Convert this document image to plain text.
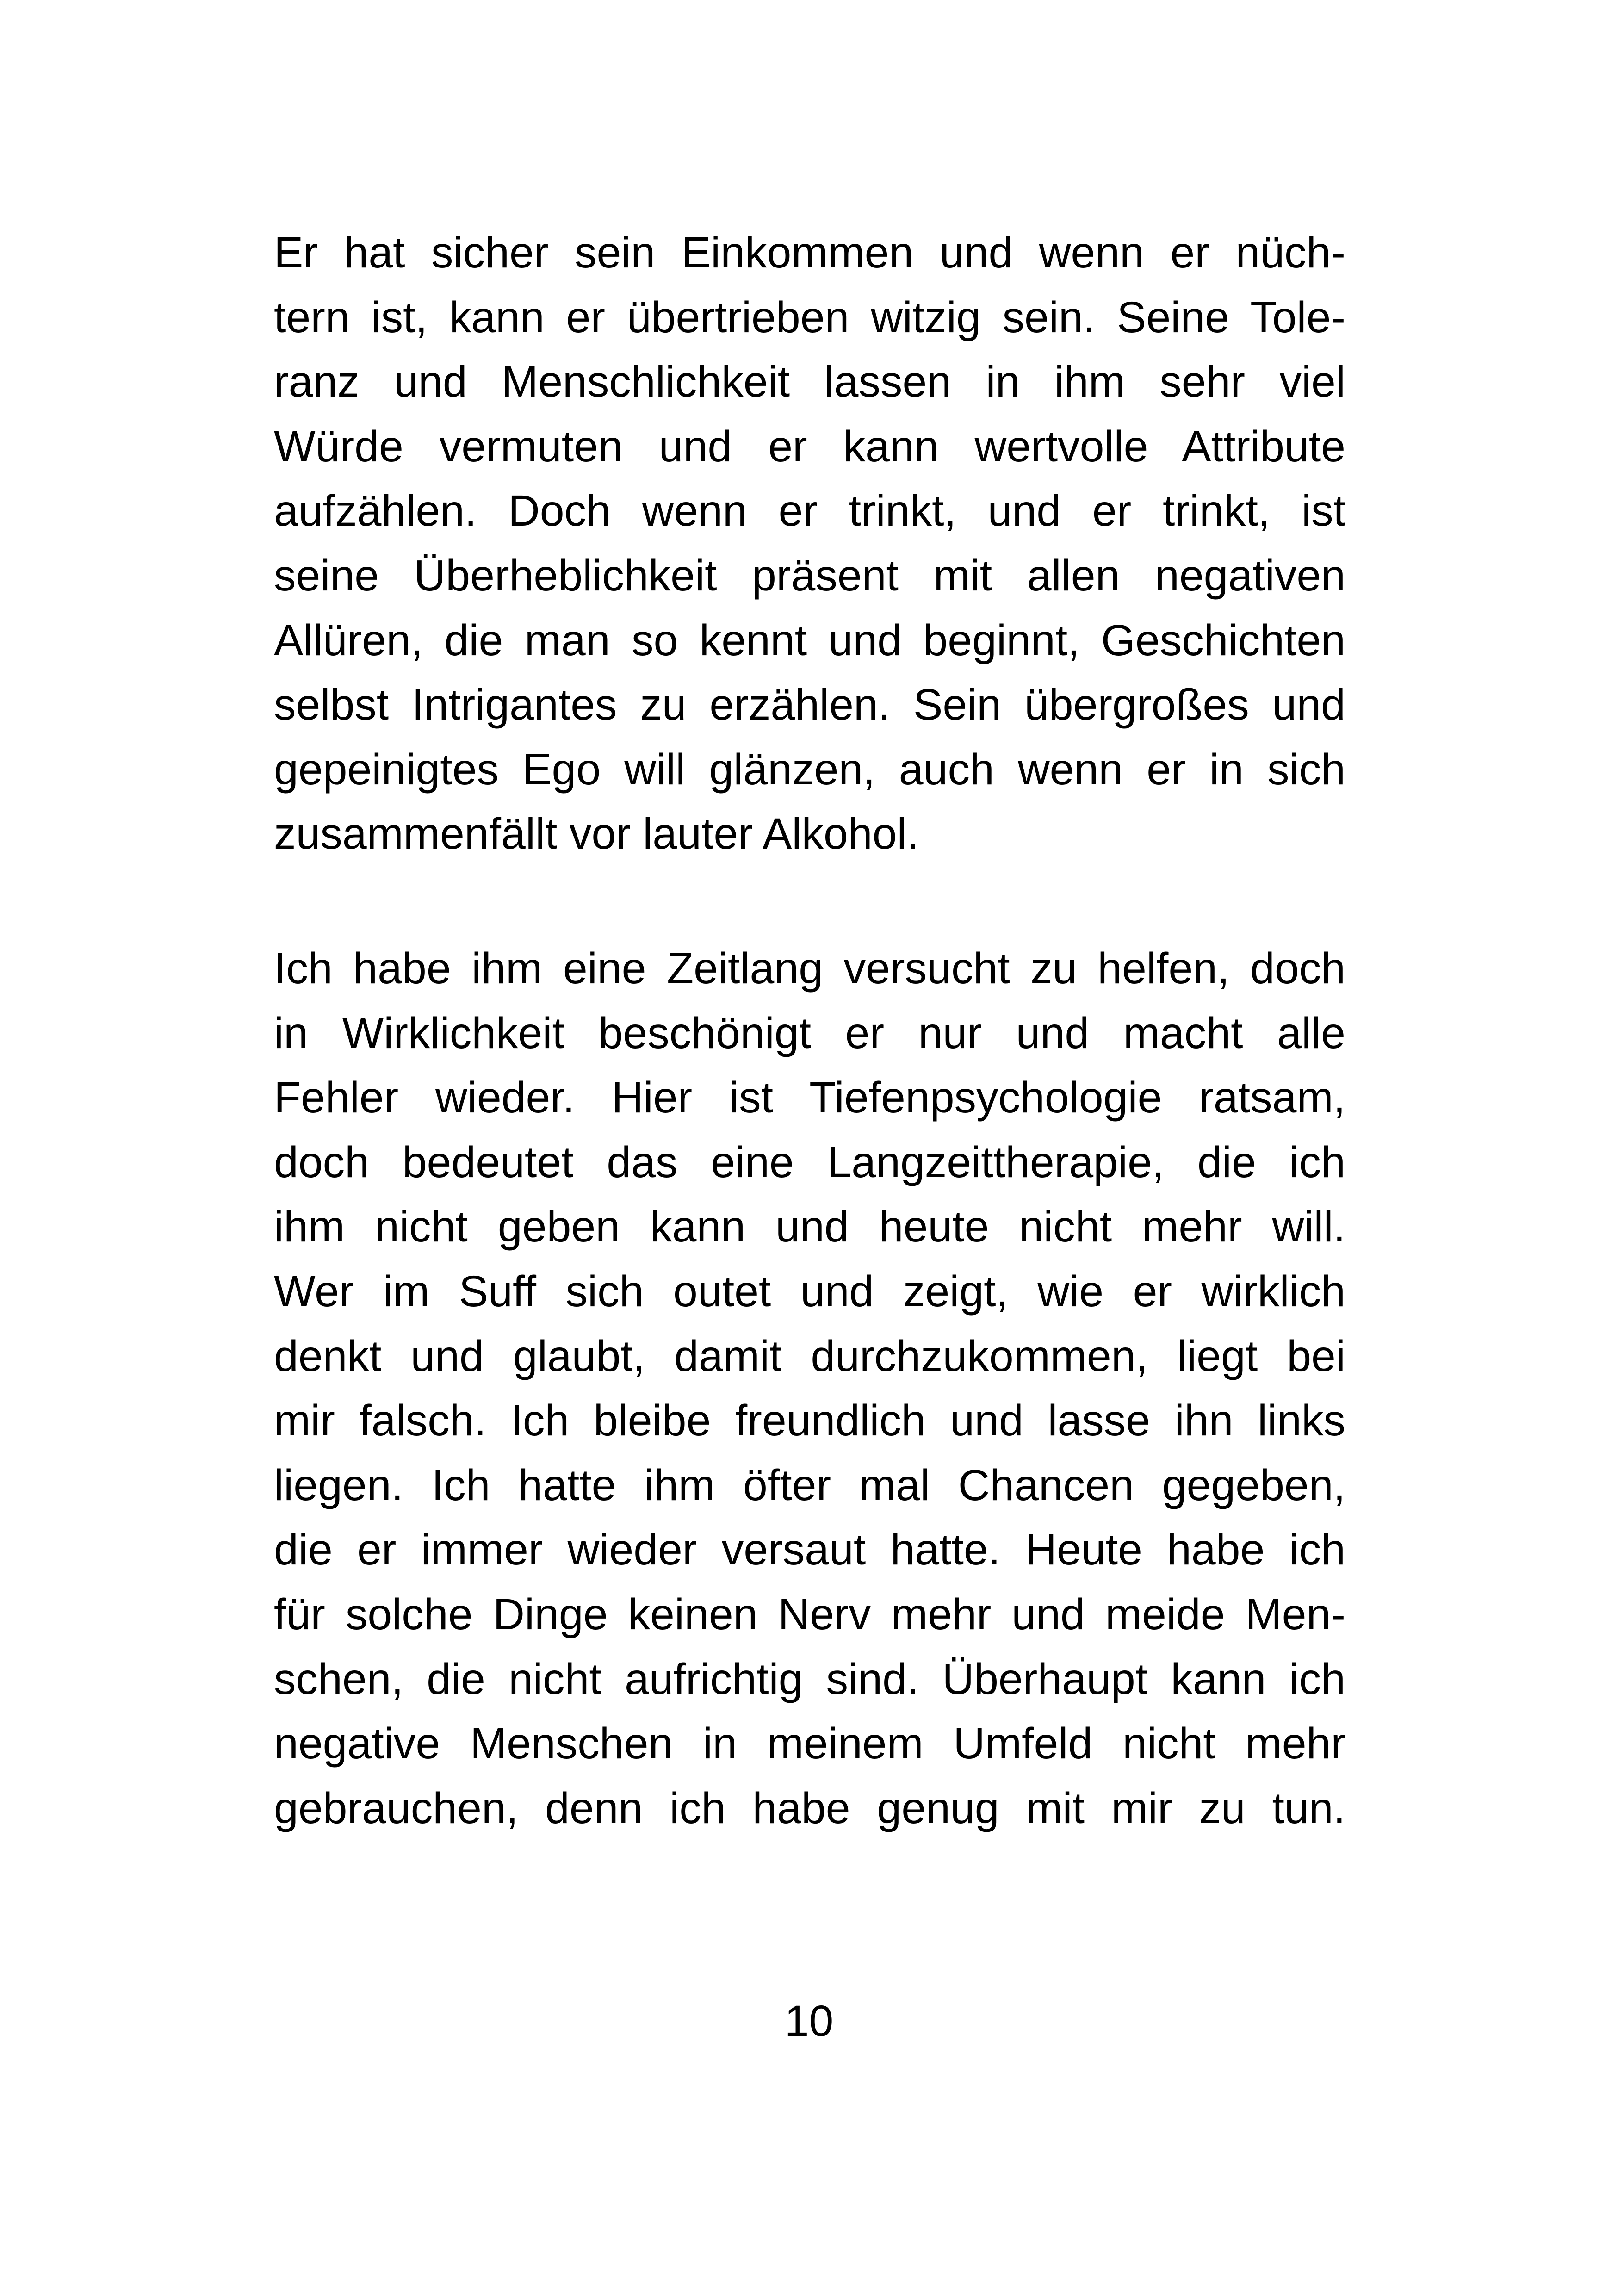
Er hat sicher sein Einkommen und wenn er nüch-
tern ist, kann er übertrieben witzig sein. Seine Tole-
ranz und Menschlichkeit lassen in ihm sehr viel
Würde vermuten und er kann wertvolle Attribute
aufzählen. Doch wenn er trinkt, und er trinkt, ist
seine Überheblichkeit präsent mit allen negativen
Allüren, die man so kennt und beginnt, Geschichten
selbst Intrigantes zu erzählen. Sein übergroßes und
gepeinigtes Ego will glänzen, auch wenn er in sich
zusammenfällt vor lauter Alkohol.
Ich habe ihm eine Zeitlang versucht zu helfen, doch
in Wirklichkeit beschönigt er nur und macht alle
Fehler wieder. Hier ist Tiefenpsychologie ratsam,
doch bedeutet das eine Langzeittherapie, die ich
ihm nicht geben kann und heute nicht mehr will.
Wer im Suff sich outet und zeigt, wie er wirklich
denkt und glaubt, damit durchzukommen, liegt bei
mir falsch. Ich bleibe freundlich und lasse ihn links
liegen. Ich hatte ihm öfter mal Chancen gegeben,
die er immer wieder versaut hatte. Heute habe ich
für solche Dinge keinen Nerv mehr und meide Men-
schen, die nicht aufrichtig sind. Überhaupt kann ich
negative Menschen in meinem Umfeld nicht mehr
gebrauchen, denn ich habe genug mit mir zu tun.
10
